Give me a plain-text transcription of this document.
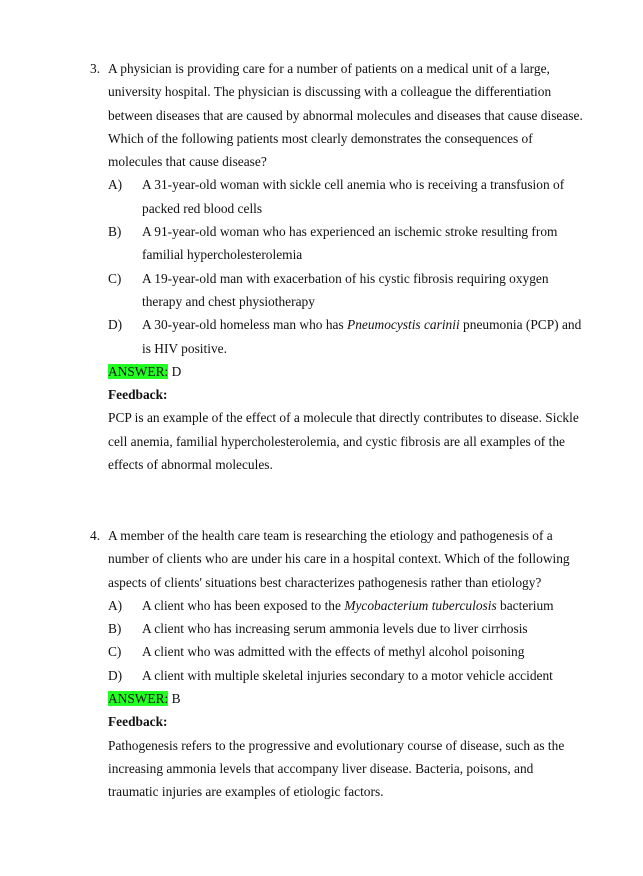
3. A physician is providing care for a number of patients on a medical unit of a large,
university hospital. The physician is discussing with a colleague the differentiation
between diseases that are caused by abnormal molecules and diseases that cause disease.
Which of the following patients most clearly demonstrates the consequences of
molecules that cause disease?
A) A 31-year-old woman with sickle cell anemia who is receiving a transfusion of
packed red blood cells
B) A 91-year-old woman who has experienced an ischemic stroke resulting from
familial hypercholesterolemia
C) A 19-year-old man with exacerbation of his cystic fibrosis requiring oxygen
therapy and chest physiotherapy
D) A 30-year-old homeless man who has Pneumocystis carinii pneumonia (PCP) and
is HIV positive.
ANSWER: D
Feedback:
PCP is an example of the effect of a molecule that directly contributes to disease. Sickle
cell anemia, familial hypercholesterolemia, and cystic fibrosis are all examples of the
effects of abnormal molecules.
4. A member of the health care team is researching the etiology and pathogenesis of a
number of clients who are under his care in a hospital context. Which of the following
aspects of clients' situations best characterizes pathogenesis rather than etiology?
A) A client who has been exposed to the Mycobacterium tuberculosis bacterium
B) A client who has increasing serum ammonia levels due to liver cirrhosis
C) A client who was admitted with the effects of methyl alcohol poisoning
D) A client with multiple skeletal injuries secondary to a motor vehicle accident
ANSWER: B
Feedback:
Pathogenesis refers to the progressive and evolutionary course of disease, such as the
increasing ammonia levels that accompany liver disease. Bacteria, poisons, and
traumatic injuries are examples of etiologic factors.
